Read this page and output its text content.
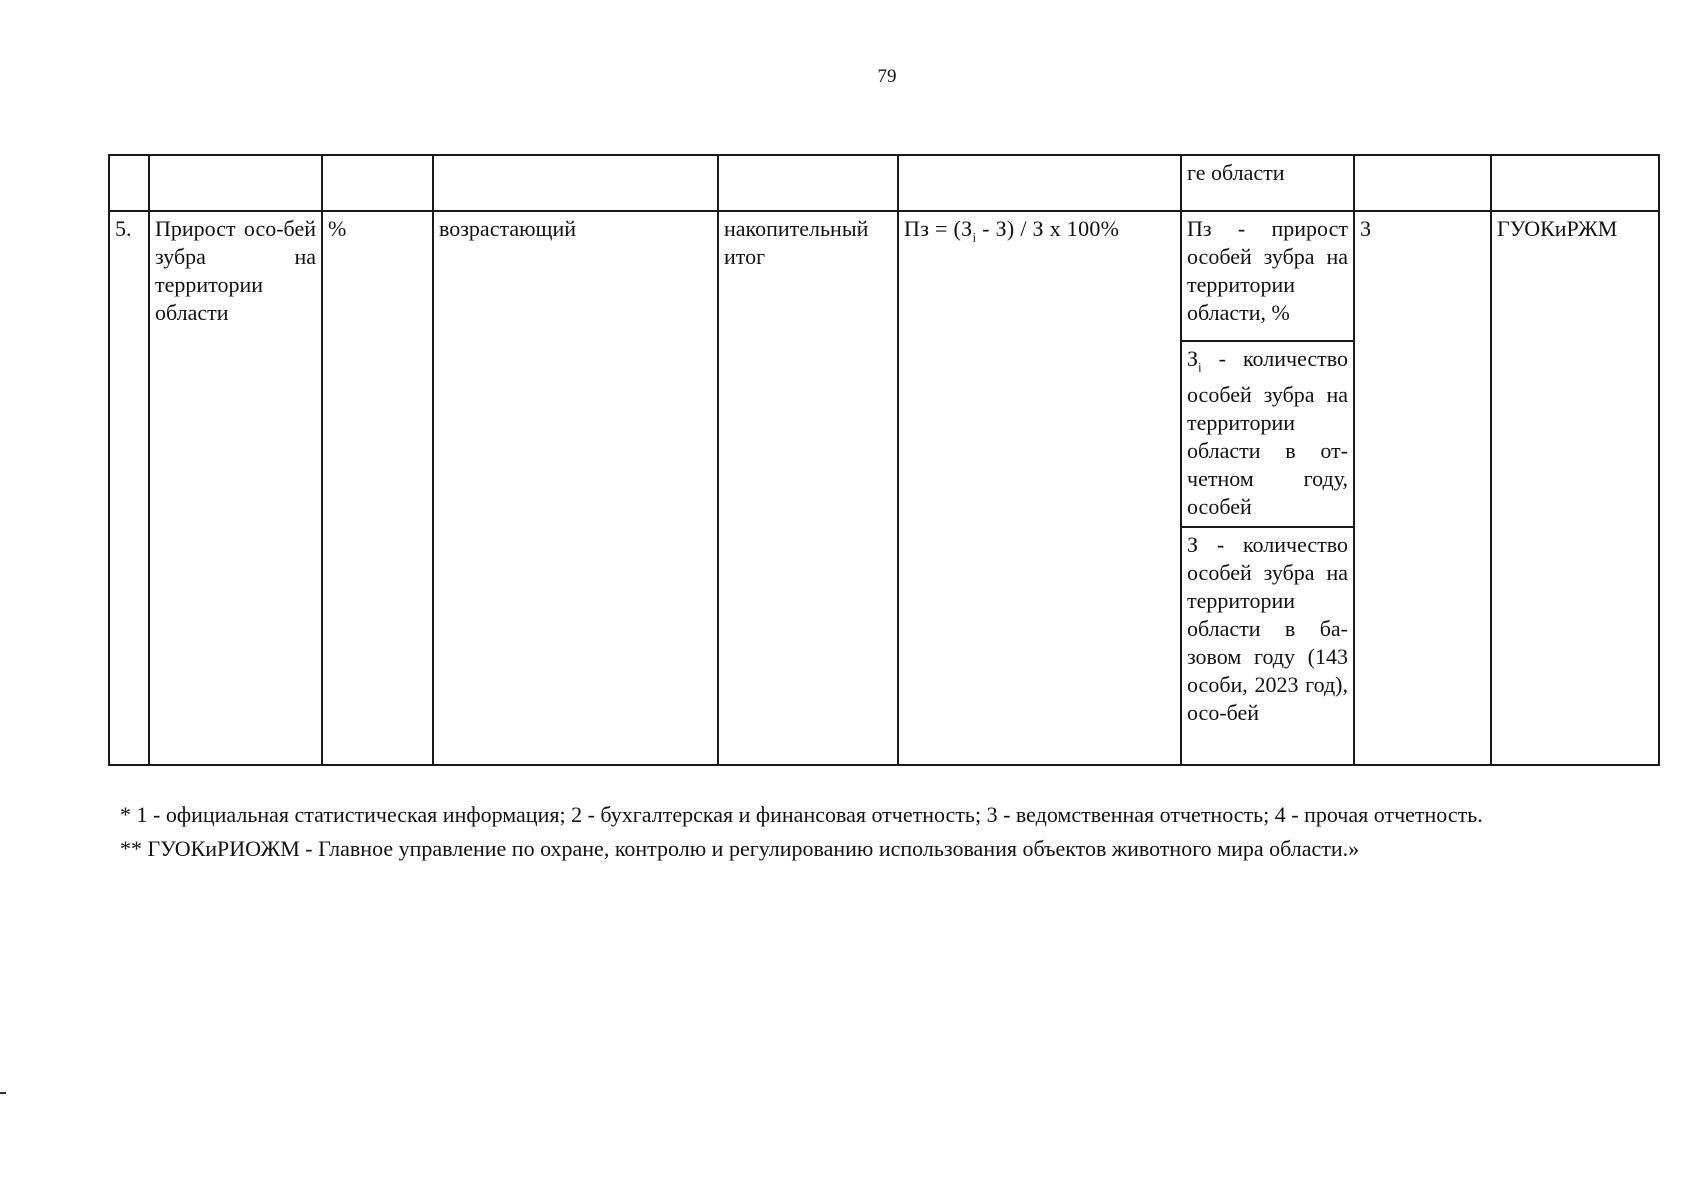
79
						ге области		
5.	Прирост осо-бей зубра на территории области	%	возрастающий	накопительный итог	Пз = $(З_i - З)$ / З х 100%	Пз - прирост особей зубра на территории области, %	3	ГУОКиРЖМ
						$З_i$ - количество особей зубра на территории области в от-четном году, особей		
						З - количество особей зубра на территории области в ба-зовом году (143 особи, 2023 год), осо-бей		
* 1 - официальная статистическая информация; 2 - бухгалтерская и финансовая отчетность; 3 - ведомственная отчетность; 4 - прочая отчетность.
** ГУОКиРИОЖМ - Главное управление по охране, контролю и регулированию использования объектов животного мира области.»
